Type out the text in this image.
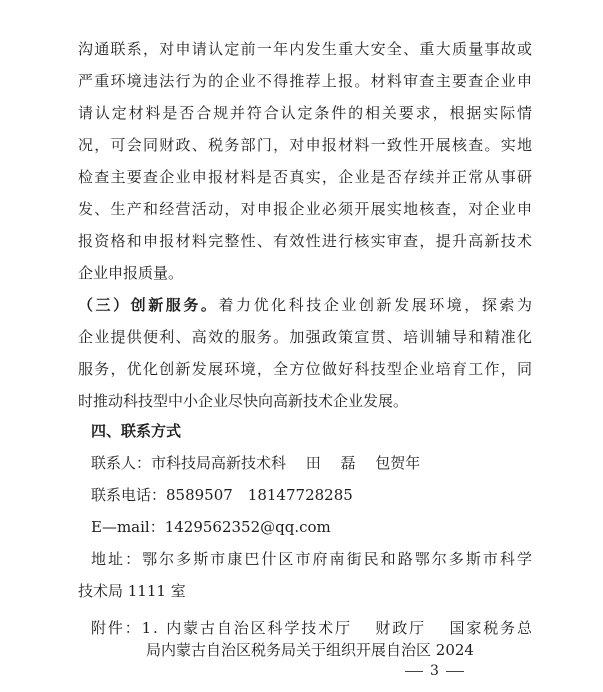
沟通联系，对申请认定前一年内发生重大安全、重大质量事故或
严重环境违法行为的企业不得推荐上报。材料审查主要查企业申
请认定材料是否合规并符合认定条件的相关要求，根据实际情
况，可会同财政、税务部门，对申报材料一致性开展核查。实地
检查主要查企业申报材料是否真实，企业是否存续并正常从事研
发、生产和经营活动，对申报企业必须开展实地核查，对企业申
报资格和申报材料完整性、有效性进行核实审查，提升高新技术
企业申报质量。
（三）创新服务。着力优化科技企业创新发展环境，探索为
企业提供便利、高效的服务。加强政策宣贯、培训辅导和精准化
服务，优化创新发展环境，全方位做好科技型企业培育工作，同
时推动科技型中小企业尽快向高新技术企业发展。
四、联系方式
联系人：市科技局高新技术科　 田　 磊　 包贺年
联系电话：8589507　18147728285
E—mail：1429562352@qq.com
地址：鄂尔多斯市康巴什区市府南街民和路鄂尔多斯市科学
技术局 1111 室
附件：1. 内蒙古自治区科学技术厅　 财政厅　 国家税务总
局内蒙古自治区税务局关于组织开展自治区 2024
3
